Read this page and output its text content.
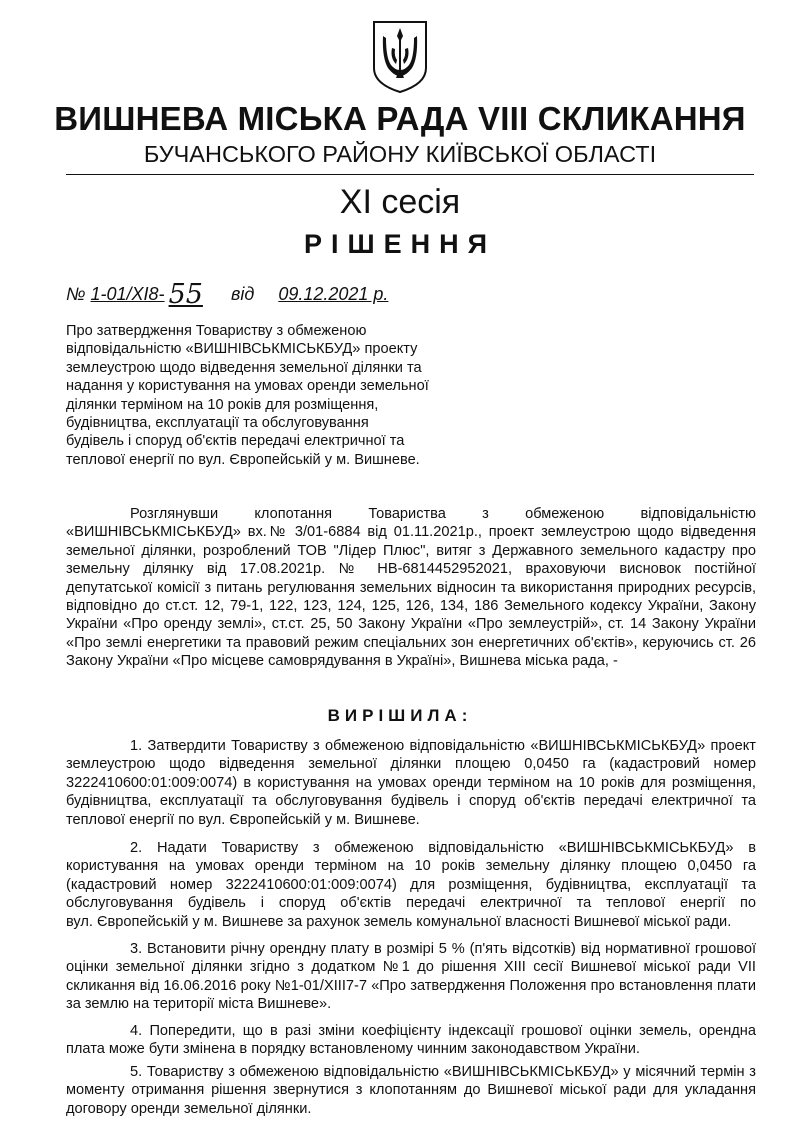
ВИШНЕВА МІСЬКА РАДА VIII СКЛИКАННЯ
БУЧАНСЬКОГО РАЙОНУ КИЇВСЬКОЇ ОБЛАСТІ
XI сесія
РІШЕННЯ
№ 1-01/XI8- 55 від 09.12.2021 р.
Про затвердження Товариству з обмеженою
відповідальністю «ВИШНІВСЬКМІСЬКБУД» проекту
землеустрою щодо відведення земельної ділянки та
надання у користування на умовах оренди земельної
ділянки терміном на 10 років для розміщення,
будівництва, експлуатації та обслуговування
будівель і споруд об'єктів передачі електричної та
теплової енергії по вул. Європейській у м. Вишневе.
Розглянувши клопотання Товариства з обмеженою відповідальністю
«ВИШНІВСЬКМІСЬКБУД» вх.№ 3/01-6884 від 01.11.2021р., проект землеустрою щодо відведення
земельної ділянки, розроблений ТОВ "Лідер Плюс", витяг з Державного земельного кадастру про
земельну ділянку від 17.08.2021р. № НВ-6814452952021, враховуючи висновок постійної
депутатської комісії з питань регулювання земельних відносин та використання природних ресурсів,
відповідно до ст.ст. 12, 79-1, 122, 123, 124, 125, 126, 134, 186 Земельного кодексу України, Закону
України «Про оренду землі», ст.ст. 25, 50 Закону України «Про землеустрій», ст. 14 Закону України
«Про землі енергетики та правовий режим спеціальних зон енергетичних об'єктів», керуючись ст. 26
Закону України «Про місцеве самоврядування в Україні», Вишнева міська рада, -
ВИРІШИЛА:
1. Затвердити Товариству з обмеженою відповідальністю «ВИШНІВСЬКМІСЬКБУД» проект
землеустрою щодо відведення земельної ділянки площею 0,0450 га (кадастровий номер
3222410600:01:009:0074) в користування на умовах оренди терміном на 10 років для розміщення,
будівництва, експлуатації та обслуговування будівель і споруд об'єктів передачі електричної та
теплової енергії по вул. Європейській у м. Вишневе.
2. Надати Товариству з обмеженою відповідальністю «ВИШНІВСЬКМІСЬКБУД» в
користування на умовах оренди терміном на 10 років земельну ділянку площею 0,0450 га
(кадастровий номер 3222410600:01:009:0074) для розміщення, будівництва, експлуатації та
обслуговування будівель і споруд об'єктів передачі електричної та теплової енергії по
вул. Європейській у м. Вишневе за рахунок земель комунальної власності Вишневої міської ради.
3. Встановити річну орендну плату в розмірі 5 % (п'ять відсотків) від нормативної грошової
оцінки земельної ділянки згідно з додатком №1 до рішення XIII сесії Вишневої міської ради VII
скликання від 16.06.2016 року №1-01/XIII7-7 «Про затвердження Положення про встановлення плати
за землю на території міста Вишневе».
4. Попередити, що в разі зміни коефіцієнту індексації грошової оцінки земель, орендна
плата може бути змінена в порядку встановленому чинним законодавством України.
5. Товариству з обмеженою відповідальністю «ВИШНІВСЬКМІСЬКБУД» у місячний термін з
моменту отримання рішення звернутися з клопотанням до Вишневої міської ради для укладання
договору оренди земельної ділянки.
